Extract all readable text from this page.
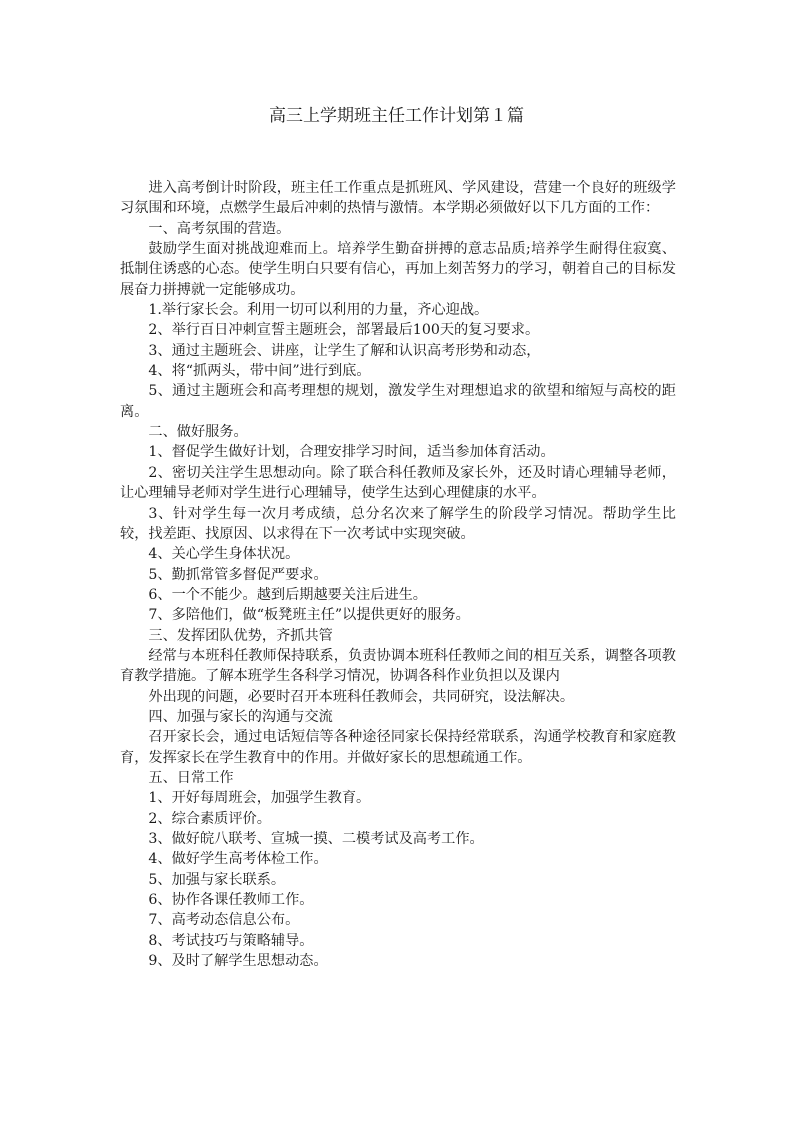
高三上学期班主任工作计划第１篇

进入高考倒计时阶段，班主任工作重点是抓班风、学风建设，营建一个良好的班级学习氛围和环境，点燃学生最后冲刺的热情与激情。本学期必须做好以下几方面的工作：

一、高考氛围的营造。

鼓励学生面对挑战迎难而上。培养学生勤奋拼搏的意志品质;培养学生耐得住寂寞、抵制住诱惑的心态。使学生明白只要有信心，再加上刻苦努力的学习，朝着自己的目标发展奋力拼搏就一定能够成功。

1.举行家长会。利用一切可以利用的力量，齐心迎战。

2、举行百日冲刺宣誓主题班会，部署最后100天的复习要求。

3、通过主题班会、讲座，让学生了解和认识高考形势和动态，

4、将“抓两头，带中间”进行到底。

5、通过主题班会和高考理想的规划，激发学生对理想追求的欲望和缩短与高校的距离。

二、做好服务。

1、督促学生做好计划，合理安排学习时间，适当参加体育活动。

2、密切关注学生思想动向。除了联合科任教师及家长外，还及时请心理辅导老师，让心理辅导老师对学生进行心理辅导，使学生达到心理健康的水平。

3、针对学生每一次月考成绩，总分名次来了解学生的阶段学习情况。帮助学生比较，找差距、找原因、以求得在下一次考试中实现突破。

4、关心学生身体状况。

5、勤抓常管多督促严要求。

6、一个不能少。越到后期越要关注后进生。

7、多陪他们，做“板凳班主任”以提供更好的服务。

三、发挥团队优势，齐抓共管

经常与本班科任教师保持联系，负责协调本班科任教师之间的相互关系，调整各项教育教学措施。了解本班学生各科学习情况，协调各科作业负担以及课内

外出现的问题，必要时召开本班科任教师会，共同研究，设法解决。

四、加强与家长的沟通与交流

召开家长会，通过电话短信等各种途径同家长保持经常联系，沟通学校教育和家庭教育，发挥家长在学生教育中的作用。并做好家长的思想疏通工作。

五、日常工作

1、开好每周班会，加强学生教育。

2、综合素质评价。

3、做好皖八联考、宣城一摸、二模考试及高考工作。

4、做好学生高考体检工作。

5、加强与家长联系。

6、协作各课任教师工作。

7、高考动态信息公布。

8、考试技巧与策略辅导。

9、及时了解学生思想动态。
